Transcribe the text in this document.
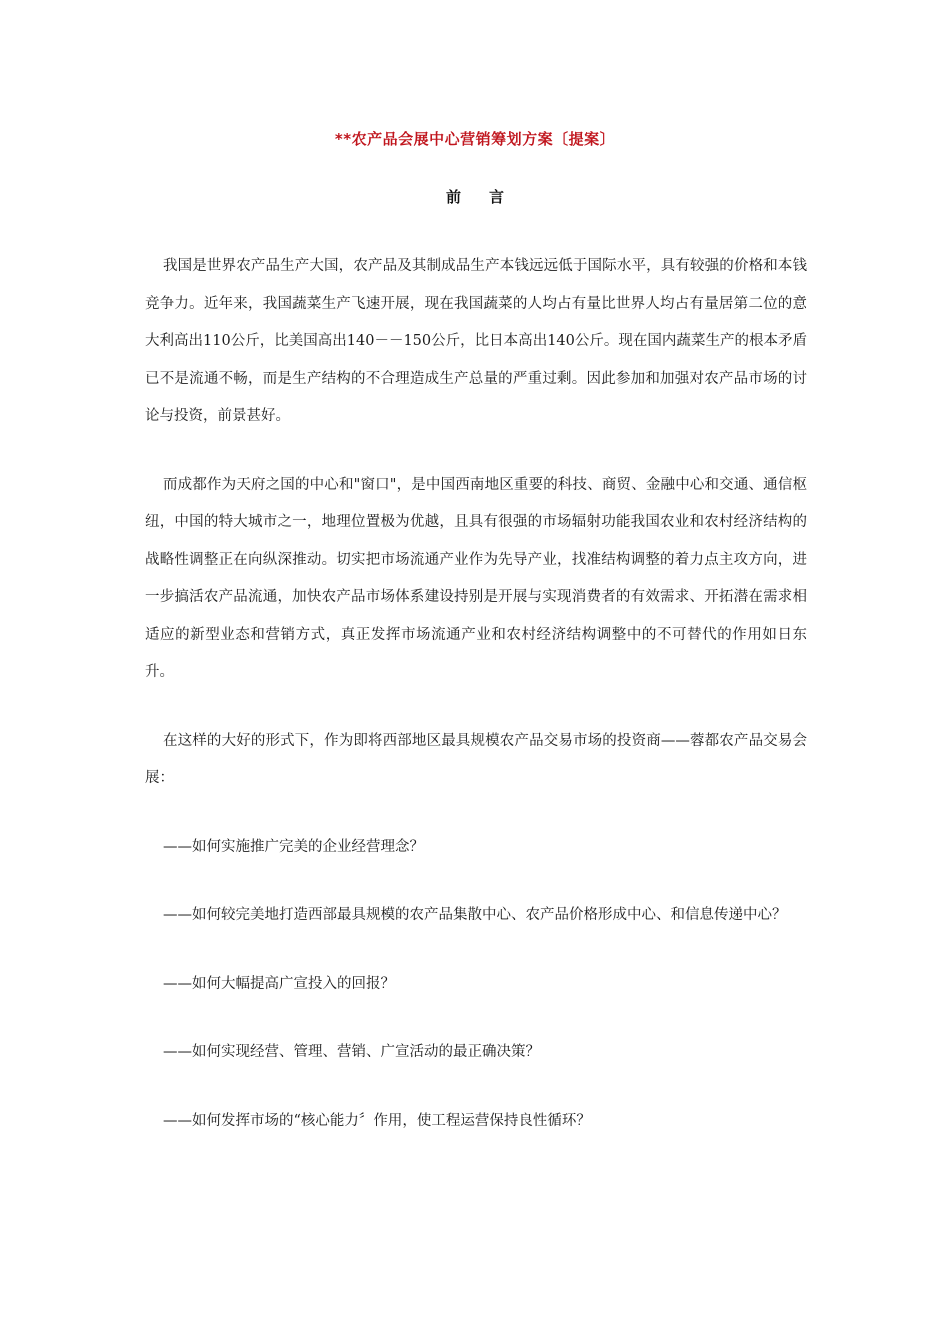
**农产品会展中心营销筹划方案〔提案〕
前言

我国是世界农产品生产大国，农产品及其制成品生产本钱远远低于国际水平，具有较强的价格和本钱竞争力。近年来，我国蔬菜生产飞速开展，现在我国蔬菜的人均占有量比世界人均占有量居第二位的意大利高出110公斤，比美国高出140－－150公斤，比日本高出140公斤。现在国内蔬菜生产的根本矛盾已不是流通不畅，而是生产结构的不合理造成生产总量的严重过剩。因此参加和加强对农产品市场的讨论与投资，前景甚好。

而成都作为天府之国的中心和"窗口"，是中国西南地区重要的科技、商贸、金融中心和交通、通信枢纽，中国的特大城市之一，地理位置极为优越，且具有很强的市场辐射功能我国农业和农村经济结构的战略性调整正在向纵深推动。切实把市场流通产业作为先导产业，找准结构调整的着力点主攻方向，进一步搞活农产品流通，加快农产品市场体系建设持别是开展与实现消费者的有效需求、开拓潜在需求相适应的新型业态和营销方式，真正发挥市场流通产业和农村经济结构调整中的不可替代的作用如日东升。

在这样的大好的形式下，作为即将西部地区最具规模农产品交易市场的投资商——蓉都农产品交易会展：

——如何实施推广完美的企业经营理念？

——如何较完美地打造西部最具规模的农产品集散中心、农产品价格形成中心、和信息传递中心？

——如何大幅提高广宣投入的回报？

——如何实现经营、管理、营销、广宣活动的最正确决策？

——如何发挥市场的“核心能力〞作用，使工程运营保持良性循环？
